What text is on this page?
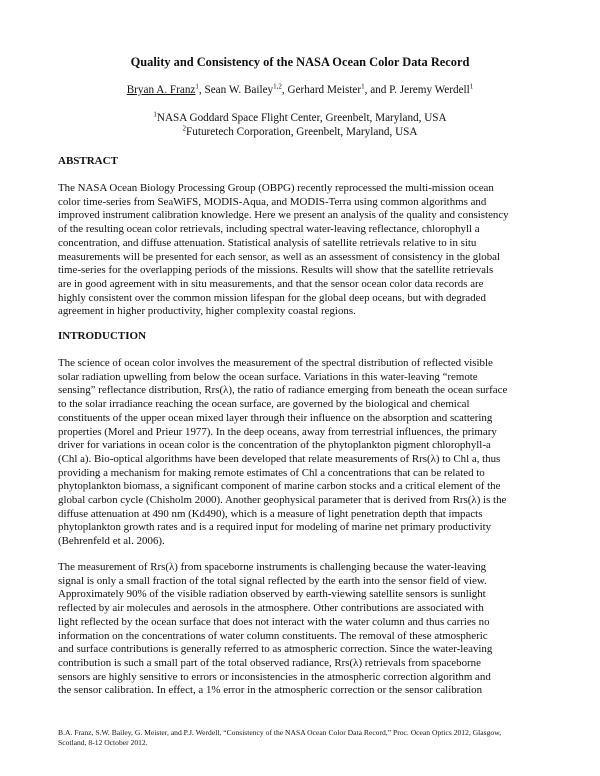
Quality and Consistency of the NASA Ocean Color Data Record
Bryan A. Franz$^1$, Sean W. Bailey$^{1,2}$, Gerhard Meister$^1$, and P. Jeremy Werdell$^1$
$^1$NASA Goddard Space Flight Center, Greenbelt, Maryland, USA
$^2$Futuretech Corporation, Greenbelt, Maryland, USA
ABSTRACT
The NASA Ocean Biology Processing Group (OBPG) recently reprocessed the multi-mission ocean
color time-series from SeaWiFS, MODIS-Aqua, and MODIS-Terra using common algorithms and
improved instrument calibration knowledge. Here we present an analysis of the quality and consistency
of the resulting ocean color retrievals, including spectral water-leaving reflectance, chlorophyll a
concentration, and diffuse attenuation. Statistical analysis of satellite retrievals relative to in situ
measurements will be presented for each sensor, as well as an assessment of consistency in the global
time-series for the overlapping periods of the missions. Results will show that the satellite retrievals
are in good agreement with in situ measurements, and that the sensor ocean color data records are
highly consistent over the common mission lifespan for the global deep oceans, but with degraded
agreement in higher productivity, higher complexity coastal regions.
INTRODUCTION
The science of ocean color involves the measurement of the spectral distribution of reflected visible
solar radiation upwelling from below the ocean surface. Variations in this water-leaving “remote
sensing” reflectance distribution, Rrs(λ), the ratio of radiance emerging from beneath the ocean surface
to the solar irradiance reaching the ocean surface, are governed by the biological and chemical
constituents of the upper ocean mixed layer through their influence on the absorption and scattering
properties (Morel and Prieur 1977). In the deep oceans, away from terrestrial influences, the primary
driver for variations in ocean color is the concentration of the phytoplankton pigment chlorophyll-a
(Chl a). Bio-optical algorithms have been developed that relate measurements of Rrs(λ) to Chl a, thus
providing a mechanism for making remote estimates of Chl a concentrations that can be related to
phytoplankton biomass, a significant component of marine carbon stocks and a critical element of the
global carbon cycle (Chisholm 2000). Another geophysical parameter that is derived from Rrs(λ) is the
diffuse attenuation at 490 nm (Kd490), which is a measure of light penetration depth that impacts
phytoplankton growth rates and is a required input for modeling of marine net primary productivity
(Behrenfeld et al. 2006).
The measurement of Rrs(λ) from spaceborne instruments is challenging because the water-leaving
signal is only a small fraction of the total signal reflected by the earth into the sensor field of view.
Approximately 90% of the visible radiation observed by earth-viewing satellite sensors is sunlight
reflected by air molecules and aerosols in the atmosphere. Other contributions are associated with
light reflected by the ocean surface that does not interact with the water column and thus carries no
information on the concentrations of water column constituents. The removal of these atmospheric
and surface contributions is generally referred to as atmospheric correction. Since the water-leaving
contribution is such a small part of the total observed radiance, Rrs(λ) retrievals from spaceborne
sensors are highly sensitive to errors or inconsistencies in the atmospheric correction algorithm and
the sensor calibration. In effect, a 1% error in the atmospheric correction or the sensor calibration
B.A. Franz, S.W. Bailey, G. Meister, and P.J. Werdell, “Consistency of the NASA Ocean Color Data Record,” Proc. Ocean Optics 2012, Glasgow,
Scotland, 8-12 October 2012.
